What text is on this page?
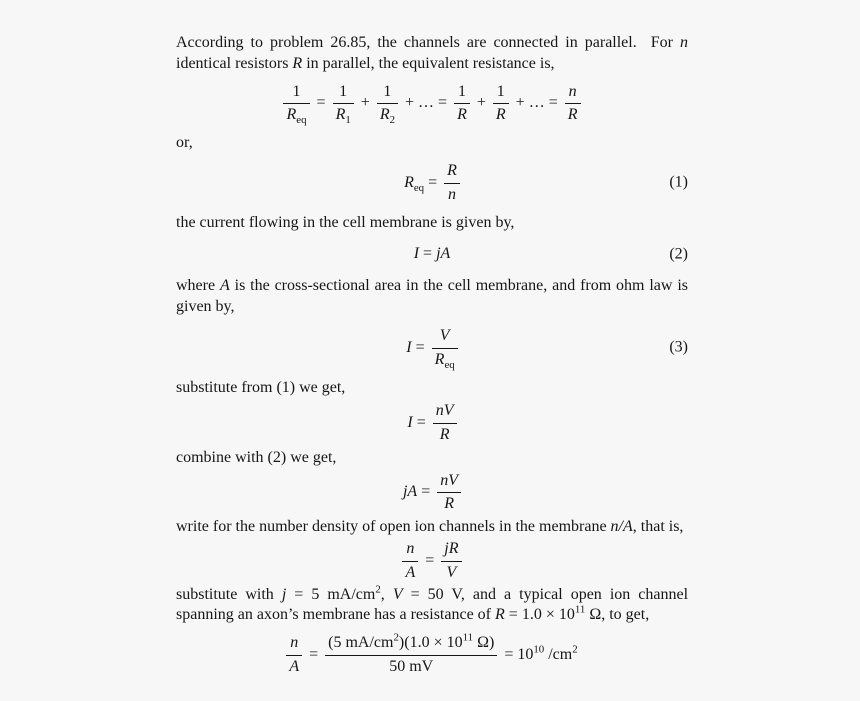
According to problem 26.85, the channels are connected in parallel.  For n identical resistors R in parallel, the equivalent resistance is,

$\frac{1}{R_{eq}} = \frac{1}{R_1} + \frac{1}{R_2}$ + … = $\frac{1}{R} + \frac{1}{R}$ + … = $\frac{n}{R}$

or,

$R_{eq} = \frac{R}{n}$	(1)

the current flowing in the cell membrane is given by,

I = jA	(2)

where A is the cross-sectional area in the cell membrane, and from ohm law is given by,

$I = \frac{V}{R_{eq}}$	(3)

substitute from (1) we get,

$I = \frac{nV}{R}$

combine with (2) we get,

jA = $\frac{nV}{R}$

write for the number density of open ion channels in the membrane n/A, that is,

$\frac{n}{A} = \frac{jR}{V}$

substitute with j = 5 $mA/cm^2$, V = 50 V, and a typical open ion channel spanning an axon’s membrane has a resistance of $R = 1.0 \times 10^{11}$ Ω, to get,

$\frac{n}{A} = \frac{(5 mA/cm^2)(1.0 \times 10^{11} \Omega)}{50 mV} = 10^{10}$ $/cm^2$
